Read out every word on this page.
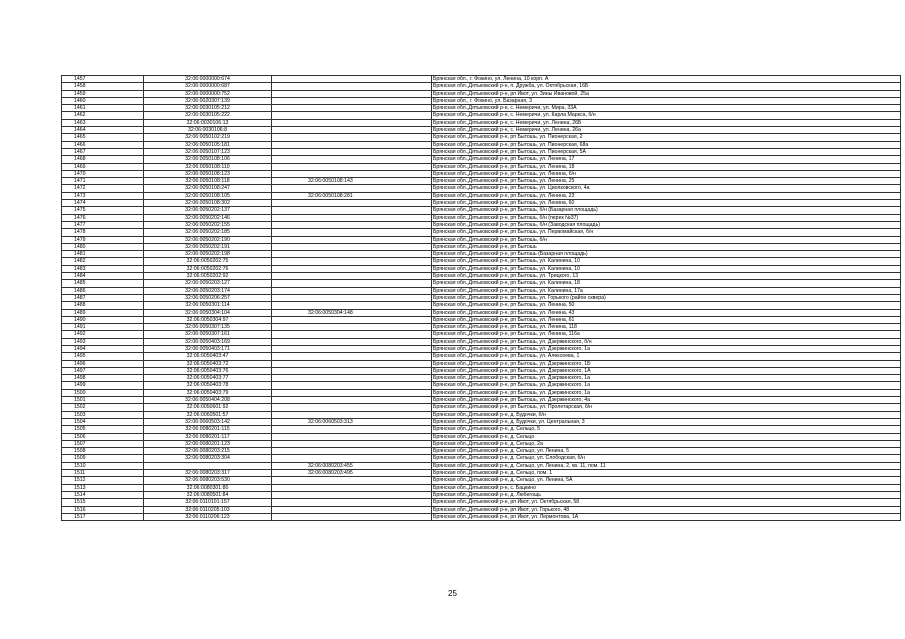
1457	32:06:0000000:674		Брянская обл., г. Фокино, ул. Ленина, 10 корп. А
1458	32:06:0000000:687		Брянская обл.,Дятьковский р-н, п. Дружба, ул. Октябрьская, 16Б
1459	32:06:0000000:752		Брянская обл.,Дятьковский р-н, рп Ивот, ул. Зины Ивановой, 25а
1460	32:06:0020307:139		Брянская обл., г. Фокино, ул. Базарная, 3
1461	32:06:0030105:212		Брянская обл.,Дятьковский р-н, с. Немеричи, ул. Мира, 33А
1462	32:06:0030105:222		Брянская обл.,Дятьковский р-н, с. Немеричи, ул. Карла Маркса, б/н
1463	32:06:0030106:13		Брянская обл.,Дятьковский р-н, с. Немеричи, ул. Ленина, 26Б
1464	32:06:0030106:8		Брянская обл.,Дятьковский р-н, с. Немеричи, ул. Ленина, 26а
1465	32:06:0050102:219		Брянская обл.,Дятьковский р-н, рп Бытошь, ул. Пионерская, 2
1466	32:06:0050105:181		Брянская обл.,Дятьковский р-н, рп Бытошь, ул. Пионерская, 68а
1467	32:06:0050107:123		Брянская обл.,Дятьковский р-н, рп Бытошь, ул. Пионерская, 5А
1468	32:06:0050108:106		Брянская обл.,Дятьковский р-н, рп Бытошь, ул. Ленина, 17
1469	32:06:0050108:110		Брянская обл.,Дятьковский р-н, рп Бытошь, ул. Ленина, 18
1470	32:06:0050108:123		Брянская обл.,Дятьковский р-н, рп Бытошь, ул. Ленина, б/н
1471	32:06:0050108:118	32:06:0050108:143	Брянская обл.,Дятьковский р-н, рп Бытошь, ул. Ленина, 25
1472	32:06:0050108:247		Брянская обл.,Дятьковский р-н, рп Бытошь, ул. Циолковского, 4а
1473	32:06:0050108:105	32:06:0050108:281	Брянская обл.,Дятьковский р-н, рп Бытошь, ул. Ленина, 23
1474	32:06:0050108:302		Брянская обл.,Дятьковский р-н, рп Бытошь, ул. Ленина, 60
1475	32:06:0050202:137		Брянская обл.,Дятьковский р-н, рп Бытошь, б/н (Базарная площадь)
1476	32:06:0050202:146		Брянская обл.,Дятьковский р-н, рп Бытошь, б/н (перек №37)
1477	32:06:0050202:155		Брянская обл.,Дятьковский р-н, рп Бытошь, б/н (Заводская площадь)
1478	32:06:0050202:185		Брянская обл.,Дятьковский р-н, рп Бытошь, ул. Первомайская, б/н
1479	32:06:0050202:190		Брянская обл.,Дятьковский р-н, рп Бытошь, б/н
1480	32:06:0050202:191		Брянская обл.,Дятьковский р-н, рп Бытошь
1481	32:06:0050202:198		Брянская обл.,Дятьковский р-н, рп Бытошь (Базарная площадь)
1482	32:06:0050202:75		Брянская обл.,Дятьковский р-н, рп Бытошь, ул. Калинина, 10
1483	32:06:0050202:76		Брянская обл.,Дятьковский р-н, рп Бытошь, ул. Калинина, 10
1484	32:06:0050202:92		Брянская обл.,Дятьковский р-н, рп Бытошь, ул. Трицкого, 13
1485	32:06:0050203:127		Брянская обл.,Дятьковский р-н, рп Бытошь, ул. Калинина, 18
1486	32:06:0050203:174		Брянская обл.,Дятьковский р-н, рп Бытошь, ул. Калинина, 17а
1487	32:06:0050206:257		Брянская обл.,Дятьковский р-н, рп Бытошь, ул. Горького (район сквера)
1488	32:06:0050301:114		Брянская обл.,Дятьковский р-н, рп Бытошь, ул. Ленина, 50
1489	32:06:0050304:104	32:06:0050304:148	Брянская обл.,Дятьковский р-н, рп Бытошь, ул. Ленина, 43
1490	32:06:0050304:97		Брянская обл.,Дятьковский р-н, рп Бытошь, ул. Ленина, 61
1491	32:06:0050307:135		Брянская обл.,Дятьковский р-н, рп Бытошь, ул. Ленина, 118
1492	32:06:0050307:161		Брянская обл.,Дятьковский р-н, рп Бытошь, ул. Ленина, 116а
1493	32:06:0050403:169		Брянская обл.,Дятьковский р-н, рп Бытошь, ул. Дзержинского, б/н
1494	32:06:0050403:171		Брянская обл.,Дятьковский р-н, рп Бытошь, ул. Дзержинского, 1а
1495	32:06:0050403:47		Брянская обл.,Дятьковский р-н, рп Бытошь, ул. Алексеева, 1
1496	32:06:0050403:72		Брянская обл.,Дятьковский р-н, рп Бытошь, ул. Дзержинского, 1Б
1497	32:06:0050403:76		Брянская обл.,Дятьковский р-н, рп Бытошь, ул. Дзержинского, 1А
1498	32:06:0050403:77		Брянская обл.,Дятьковский р-н, рп Бытошь, ул. Дзержинского, 1а
1499	32:06:0050403:78		Брянская обл.,Дятьковский р-н, рп Бытошь, ул. Дзержинского, 1а
1500	32:06:0050403:79		Брянская обл.,Дятьковский р-н, рп Бытошь, ул. Дзержинского, 1а
1501	32:06:0050404:208		Брянская обл.,Дятьковский р-н, рп Бытошь, ул. Дзержинского, 4а
1502	32:06:0050601:92		Брянская обл.,Дятьковский р-н, рп Бытошь, ул. Пролетарская, б/н
1503	32:06:0060501:57		Брянская обл.,Дятьковский р-н, д. Будочки, б/н
1504	32:06:0060503:142	32:06:0060503:313	Брянская обл.,Дятьковский р-н, д. Будочки, ул. Центральная, 3
1505	32:06:0080201:115		Брянская обл.,Дятьковский р-н, д. Сельцо, 5
1506	32:06:0080201:117		Брянская обл.,Дятьковский р-н, д. Сельцо
1507	32:06:0080201:123		Брянская обл.,Дятьковский р-н, д. Сельцо, 2а
1508	32:06:0080203:215		Брянская обл.,Дятьковский р-н, д. Сельцо, ул. Ленина, 5
1509	32:06:0080203:304		Брянская обл.,Дятьковский р-н, д. Сельцо, ул. Слободская, б/н
1510		32:06:0080203:455	Брянская обл.,Дятьковский р-н, д. Сельцо, ул. Ленина, 2, кв. 11, пом. 11
1511	32:06:0080203:317	32:06:0080203:495	Брянская обл.,Дятьковский р-н, д. Сельцо, пом. 1
1512	32:06:0080203:530		Брянская обл.,Дятьковский р-н, д. Сельцо, ул. Ленина, 5А
1513	32:06:0080301:80		Брянская обл.,Дятьковский р-н, с. Бацкино
1514	32:06:0080501:84		Брянская обл.,Дятьковский р-н, д. Любегощь
1515	32:06:0110101:157		Брянская обл.,Дятьковский р-н, рп Ивот, ул. Октябрьская, 58
1516	32:06:0110205:103		Брянская обл.,Дятьковский р-н, рп Ивот, ул. Горького, 48
1517	32:06:0110206:123		Брянская обл.,Дятьковский р-н, рп Ивот, ул. Лермонтова, 1А
25
